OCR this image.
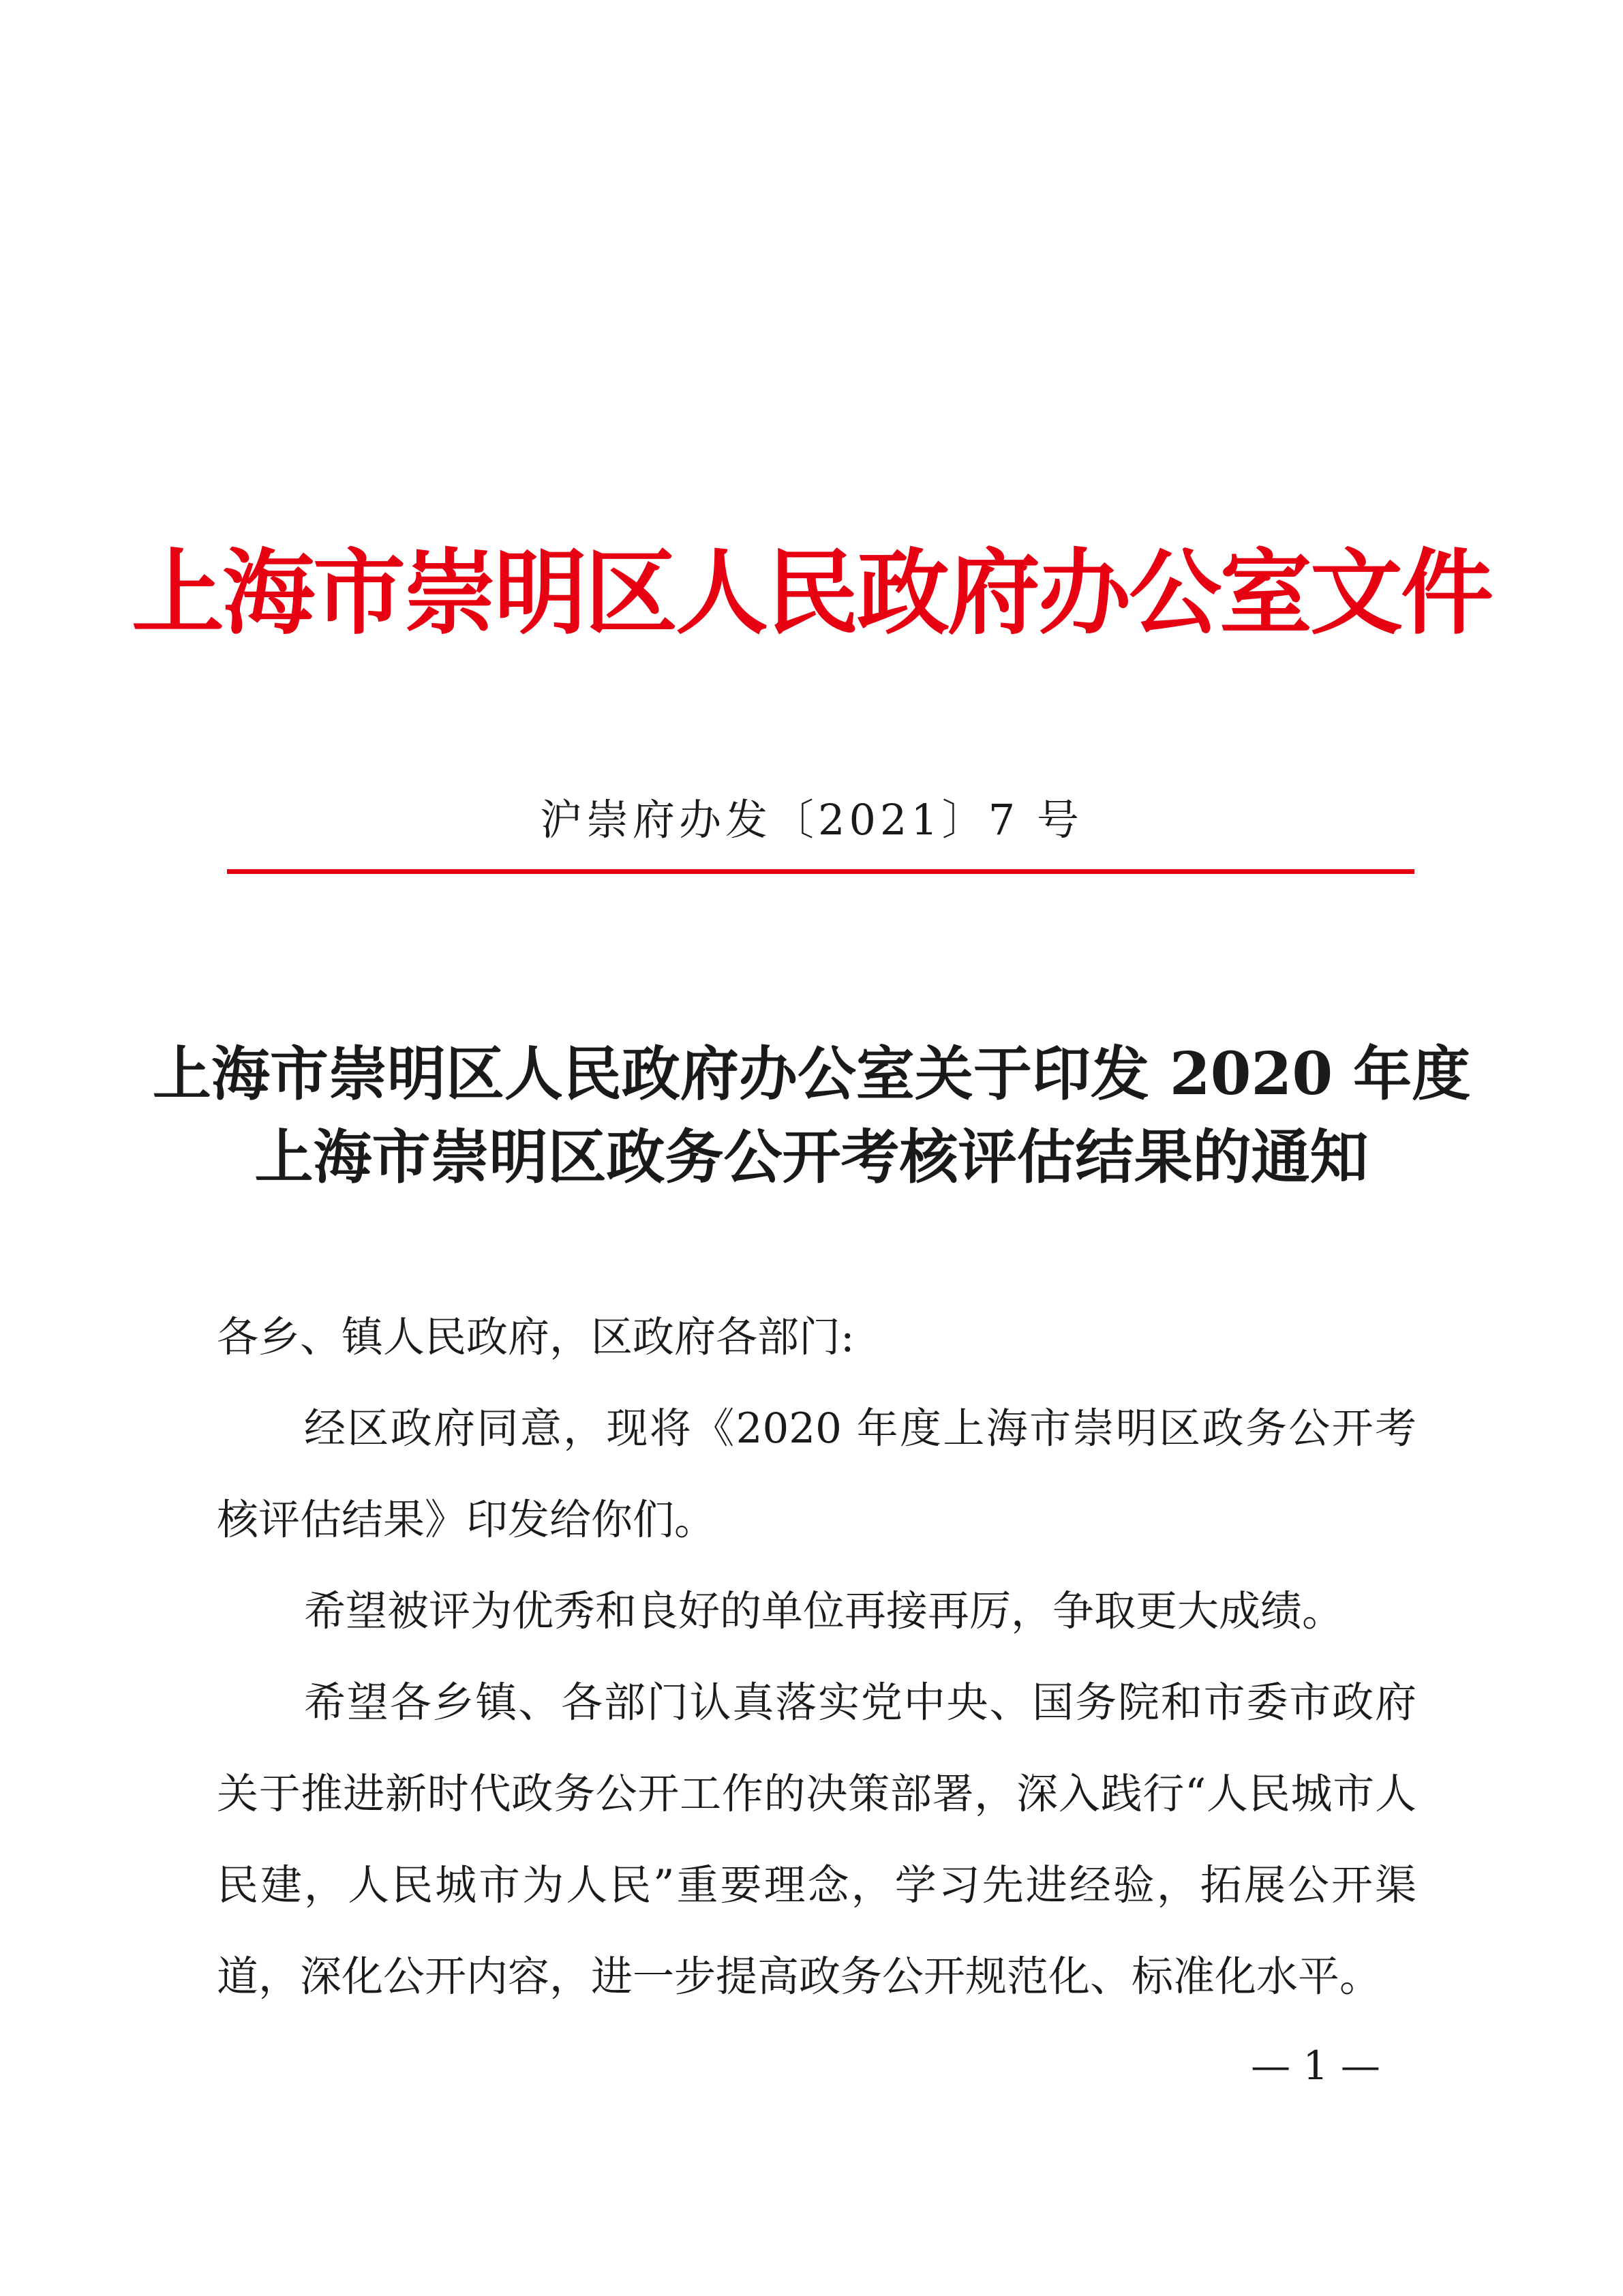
上海市崇明区人民政府办公室文件
沪崇府办发〔2021〕7 号
上海市崇明区人民政府办公室关于印发 2020 年度
上海市崇明区政务公开考核评估结果的通知

各乡、镇人民政府，区政府各部门:

经区政府同意，现将《2020 年度上海市崇明区政务公开考核评估结果》印发给你们。

希望被评为优秀和良好的单位再接再厉，争取更大成绩。

希望各乡镇、各部门认真落实党中央、国务院和市委市政府关于推进新时代政务公开工作的决策部署，深入践行“人民城市人民建，人民城市为人民”重要理念，学习先进经验，拓展公开渠道，深化公开内容，进一步提高政务公开规范化、标准化水平。

— 1 —
